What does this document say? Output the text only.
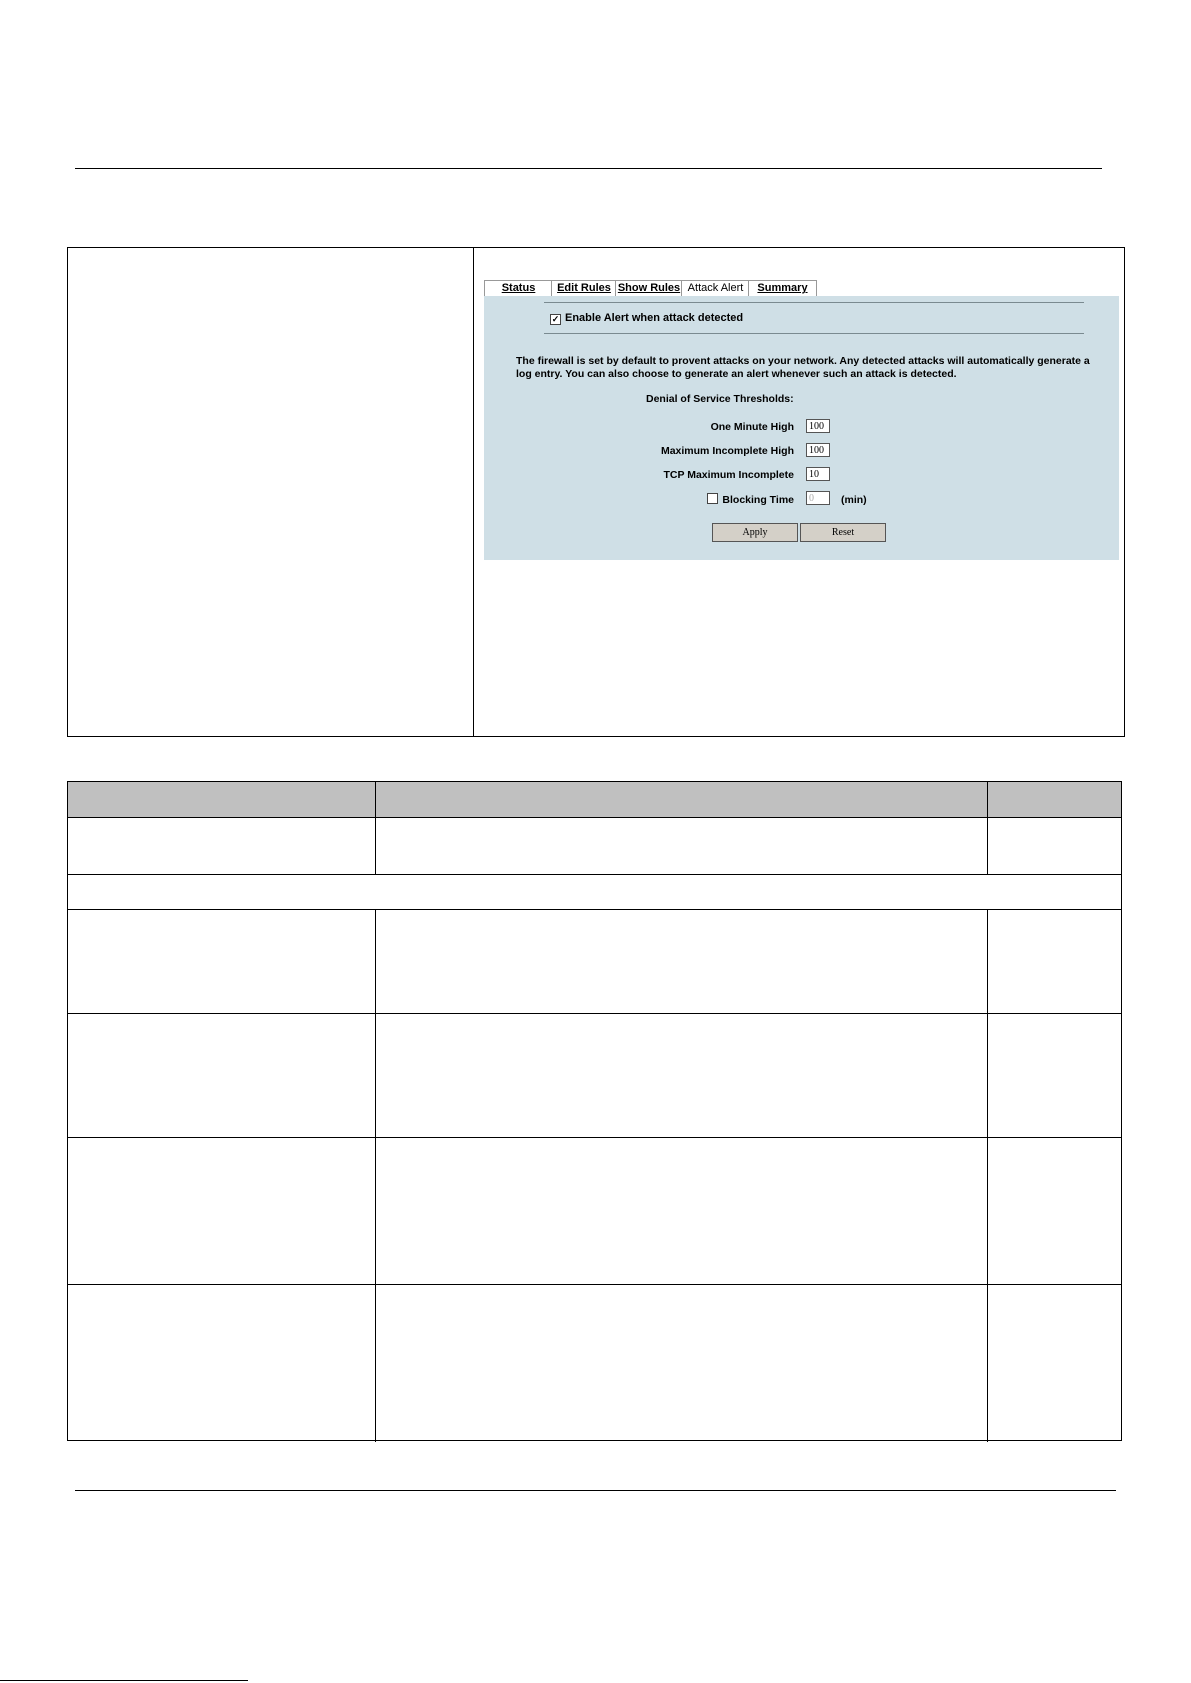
Status	Edit Rules Show Rules Attack Alert	Summary
✓ Enable Alert when attack detected
The firewall is set by default to provent attacks on your network. Any detected attacks will automatically generate a log entry. You can also choose to generate an alert whenever such an attack is detected.
Denial of Service Thresholds:
One Minute High	100
Maximum Incomplete High	100
TCP Maximum Incomplete	10
Blocking Time	0	(min)
Apply	Reset
